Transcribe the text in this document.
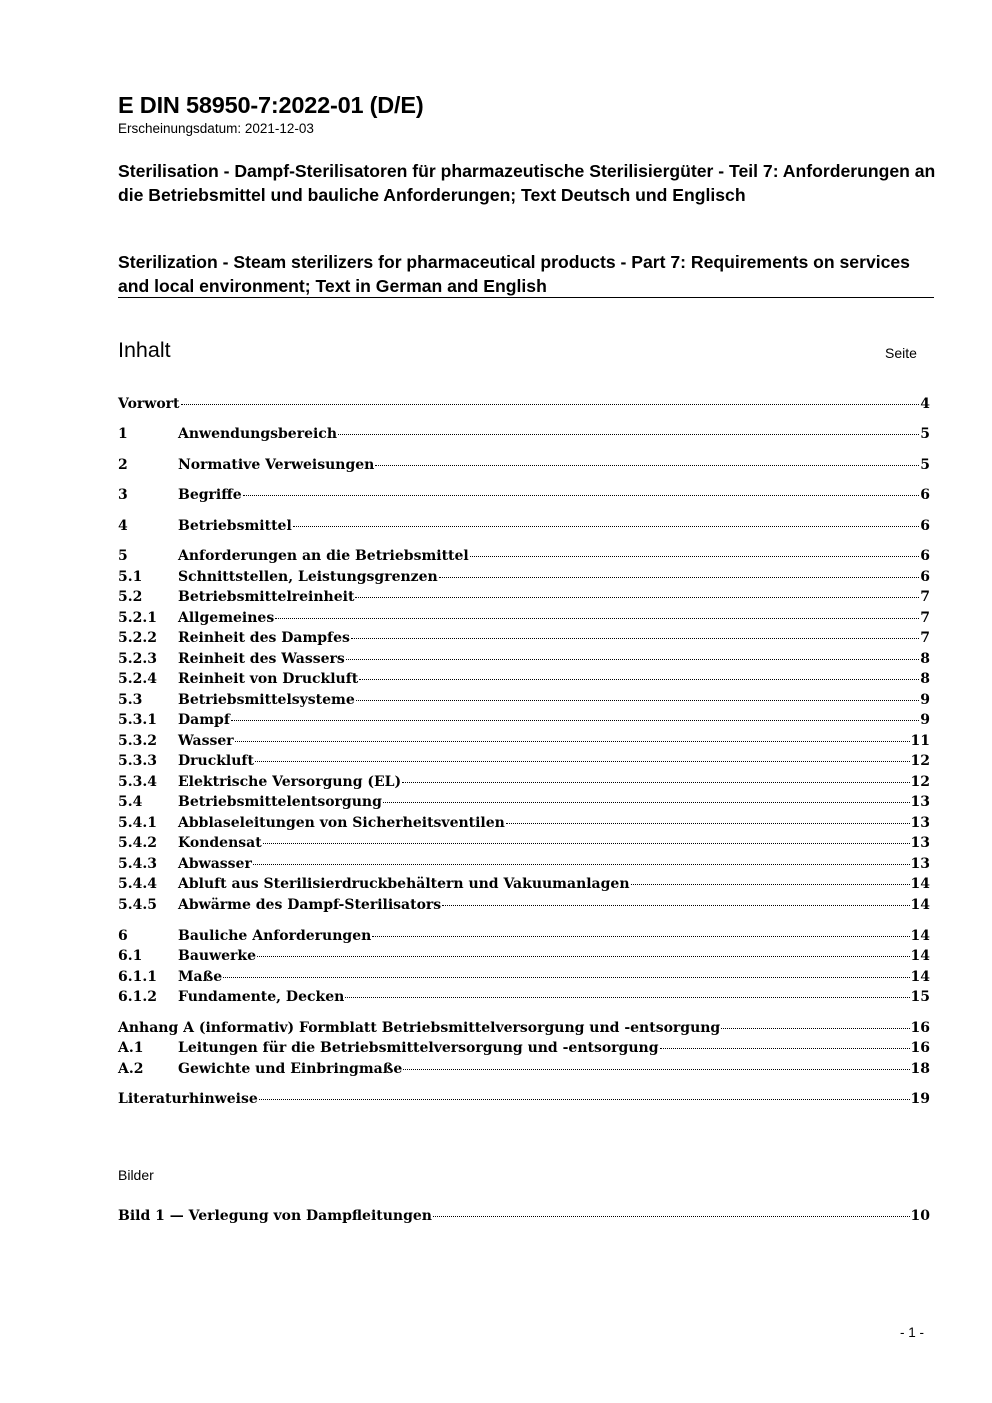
E DIN 58950-7:2022-01 (D/E)
Erscheinungsdatum: 2021-12-03
Sterilisation - Dampf-Sterilisatoren für pharmazeutische Sterilisiergüter - Teil 7: Anforderungen an die Betriebsmittel und bauliche Anforderungen; Text Deutsch und Englisch
Sterilization - Steam sterilizers for pharmaceutical products - Part 7: Requirements on services and local environment; Text in German and English
Inhalt	Seite
Vorwort	4
1	Anwendungsbereich	5
2	Normative Verweisungen	5
3	Begriffe	6
4	Betriebsmittel	6
5	Anforderungen an die Betriebsmittel	6
5.1	Schnittstellen, Leistungsgrenzen	6
5.2	Betriebsmittelreinheit	7
5.2.1	Allgemeines	7
5.2.2	Reinheit des Dampfes	7
5.2.3	Reinheit des Wassers	8
5.2.4	Reinheit von Druckluft	8
5.3	Betriebsmittelsysteme	9
5.3.1	Dampf	9
5.3.2	Wasser	11
5.3.3	Druckluft	12
5.3.4	Elektrische Versorgung (EL)	12
5.4	Betriebsmittelentsorgung	13
5.4.1	Abblaseleitungen von Sicherheitsventilen	13
5.4.2	Kondensat	13
5.4.3	Abwasser	13
5.4.4	Abluft aus Sterilisierdruckbehältern und Vakuumanlagen	14
5.4.5	Abwärme des Dampf-Sterilisators	14
6	Bauliche Anforderungen	14
6.1	Bauwerke	14
6.1.1	Maße	14
6.1.2	Fundamente, Decken	15
Anhang A (informativ) Formblatt Betriebsmittelversorgung und -entsorgung	16
A.1	Leitungen für die Betriebsmittelversorgung und -entsorgung	16
A.2	Gewichte und Einbringmaße	18
Literaturhinweise	19
Bilder
Bild 1 — Verlegung von Dampfleitungen	10
- 1 -
